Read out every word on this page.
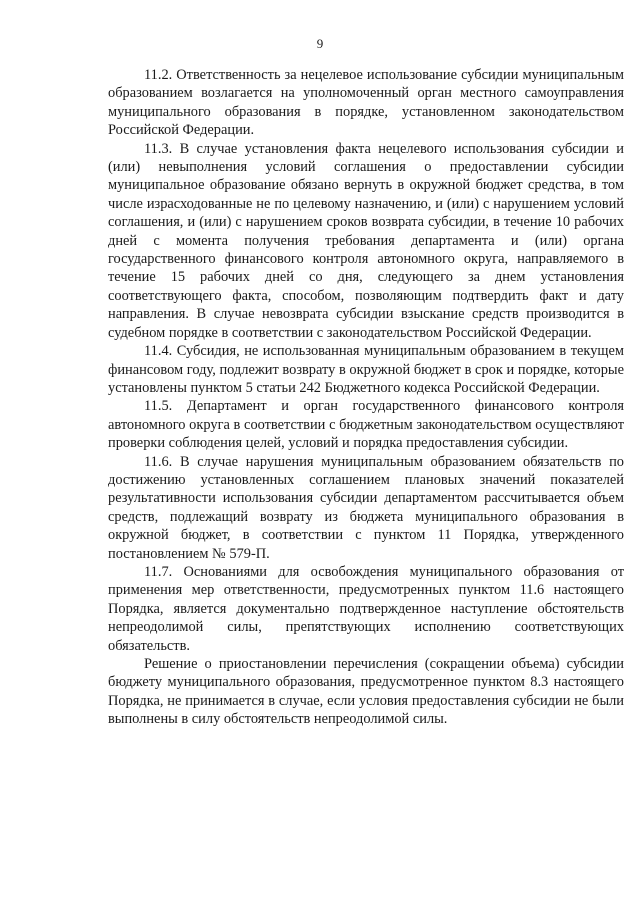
9

11.2. Ответственность за нецелевое использование субсидии муниципальным образованием возлагается на уполномоченный орган местного самоуправления муниципального образования в порядке, установленном законодательством Российской Федерации.

11.3. В случае установления факта нецелевого использования субсидии и (или) невыполнения условий соглашения о предоставлении субсидии муниципальное образование обязано вернуть в окружной бюджет средства, в том числе израсходованные не по целевому назначению, и (или) с нарушением условий соглашения, и (или) с нарушением сроков возврата субсидии, в течение 10 рабочих дней с момента получения требования департамента и (или) органа государственного финансового контроля автономного округа, направляемого в течение 15 рабочих дней со дня, следующего за днем установления соответствующего факта, способом, позволяющим подтвердить факт и дату направления. В случае невозврата субсидии взыскание средств производится в судебном порядке в соответствии с законодательством Российской Федерации.

11.4. Субсидия, не использованная муниципальным образованием в текущем финансовом году, подлежит возврату в окружной бюджет в срок и порядке, которые установлены пунктом 5 статьи 242 Бюджетного кодекса Российской Федерации.

11.5. Департамент и орган государственного финансового контроля автономного округа в соответствии с бюджетным законодательством осуществляют проверки соблюдения целей, условий и порядка предоставления субсидии.

11.6. В случае нарушения муниципальным образованием обязательств по достижению установленных соглашением плановых значений показателей результативности использования субсидии департаментом рассчитывается объем средств, подлежащий возврату из бюджета муниципального образования в окружной бюджет, в соответствии с пунктом 11 Порядка, утвержденного постановлением № 579-П.

11.7. Основаниями для освобождения муниципального образования от применения мер ответственности, предусмотренных пунктом 11.6 настоящего Порядка, является документально подтвержденное наступление обстоятельств непреодолимой силы, препятствующих исполнению соответствующих обязательств.

Решение о приостановлении перечисления (сокращении объема) субсидии бюджету муниципального образования, предусмотренное пунктом 8.3 настоящего Порядка, не принимается в случае, если условия предоставления субсидии не были выполнены в силу обстоятельств непреодолимой силы.
